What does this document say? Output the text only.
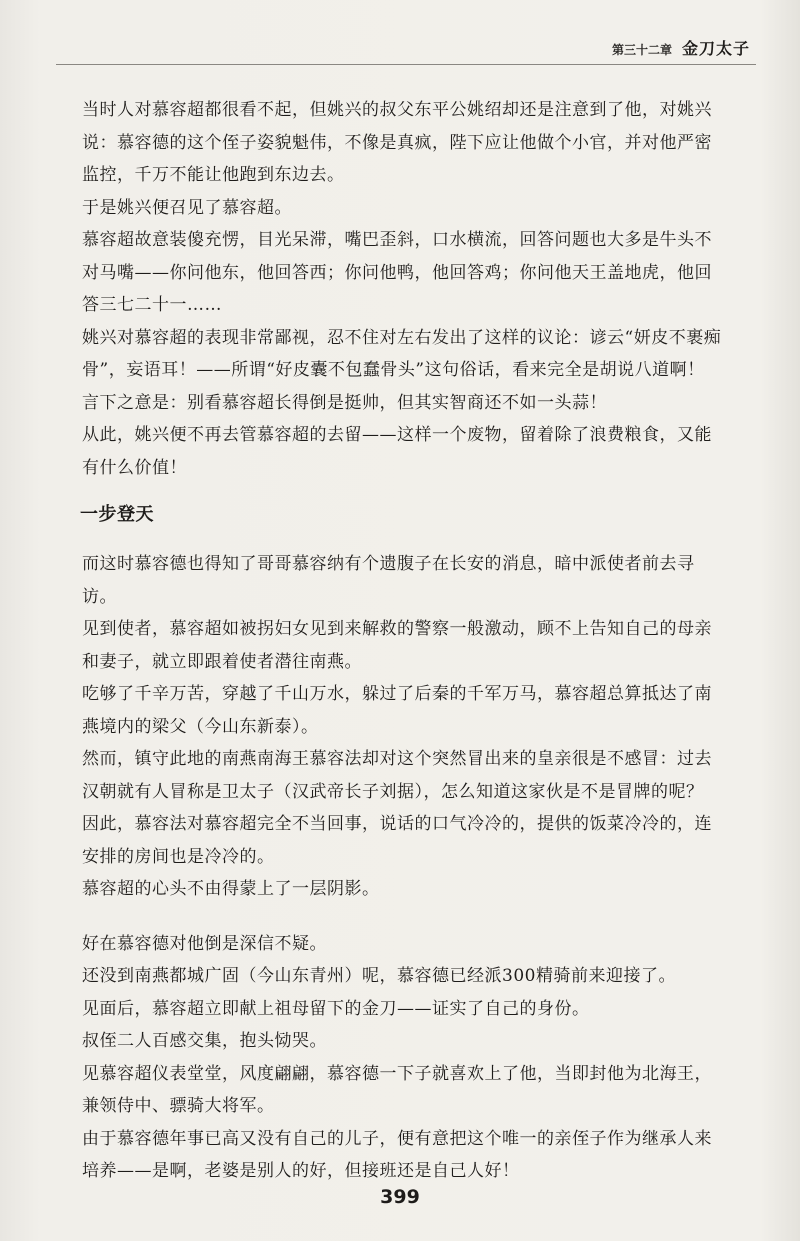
第三十二章 金刀太子

当时人对慕容超都很看不起，但姚兴的叔父东平公姚绍却还是注意到了他，对姚兴说：慕容德的这个侄子姿貌魁伟，不像是真疯，陛下应让他做个小官，并对他严密监控，千万不能让他跑到东边去。

于是姚兴便召见了慕容超。

慕容超故意装傻充愣，目光呆滞，嘴巴歪斜，口水横流，回答问题也大多是牛头不对马嘴——你问他东，他回答西；你问他鸭，他回答鸡；你问他天王盖地虎，他回答三七二十一……

姚兴对慕容超的表现非常鄙视，忍不住对左右发出了这样的议论：谚云“妍皮不裹痴骨”，妄语耳！——所谓“好皮囊不包蠢骨头”这句俗话，看来完全是胡说八道啊！

言下之意是：别看慕容超长得倒是挺帅，但其实智商还不如一头蒜！

从此，姚兴便不再去管慕容超的去留——这样一个废物，留着除了浪费粮食，又能有什么价值！

一步登天

而这时慕容德也得知了哥哥慕容纳有个遗腹子在长安的消息，暗中派使者前去寻访。

见到使者，慕容超如被拐妇女见到来解救的警察一般激动，顾不上告知自己的母亲和妻子，就立即跟着使者潜往南燕。

吃够了千辛万苦，穿越了千山万水，躲过了后秦的千军万马，慕容超总算抵达了南燕境内的梁父（今山东新泰）。

然而，镇守此地的南燕南海王慕容法却对这个突然冒出来的皇亲很是不感冒：过去汉朝就有人冒称是卫太子（汉武帝长子刘据），怎么知道这家伙是不是冒牌的呢？

因此，慕容法对慕容超完全不当回事，说话的口气冷冷的，提供的饭菜冷冷的，连安排的房间也是冷冷的。

慕容超的心头不由得蒙上了一层阴影。

好在慕容德对他倒是深信不疑。

还没到南燕都城广固（今山东青州）呢，慕容德已经派300精骑前来迎接了。

见面后，慕容超立即献上祖母留下的金刀——证实了自己的身份。

叔侄二人百感交集，抱头恸哭。

见慕容超仪表堂堂，风度翩翩，慕容德一下子就喜欢上了他，当即封他为北海王，兼领侍中、骠骑大将军。

由于慕容德年事已高又没有自己的儿子，便有意把这个唯一的亲侄子作为继承人来培养——是啊，老婆是别人的好，但接班还是自己人好！

399
